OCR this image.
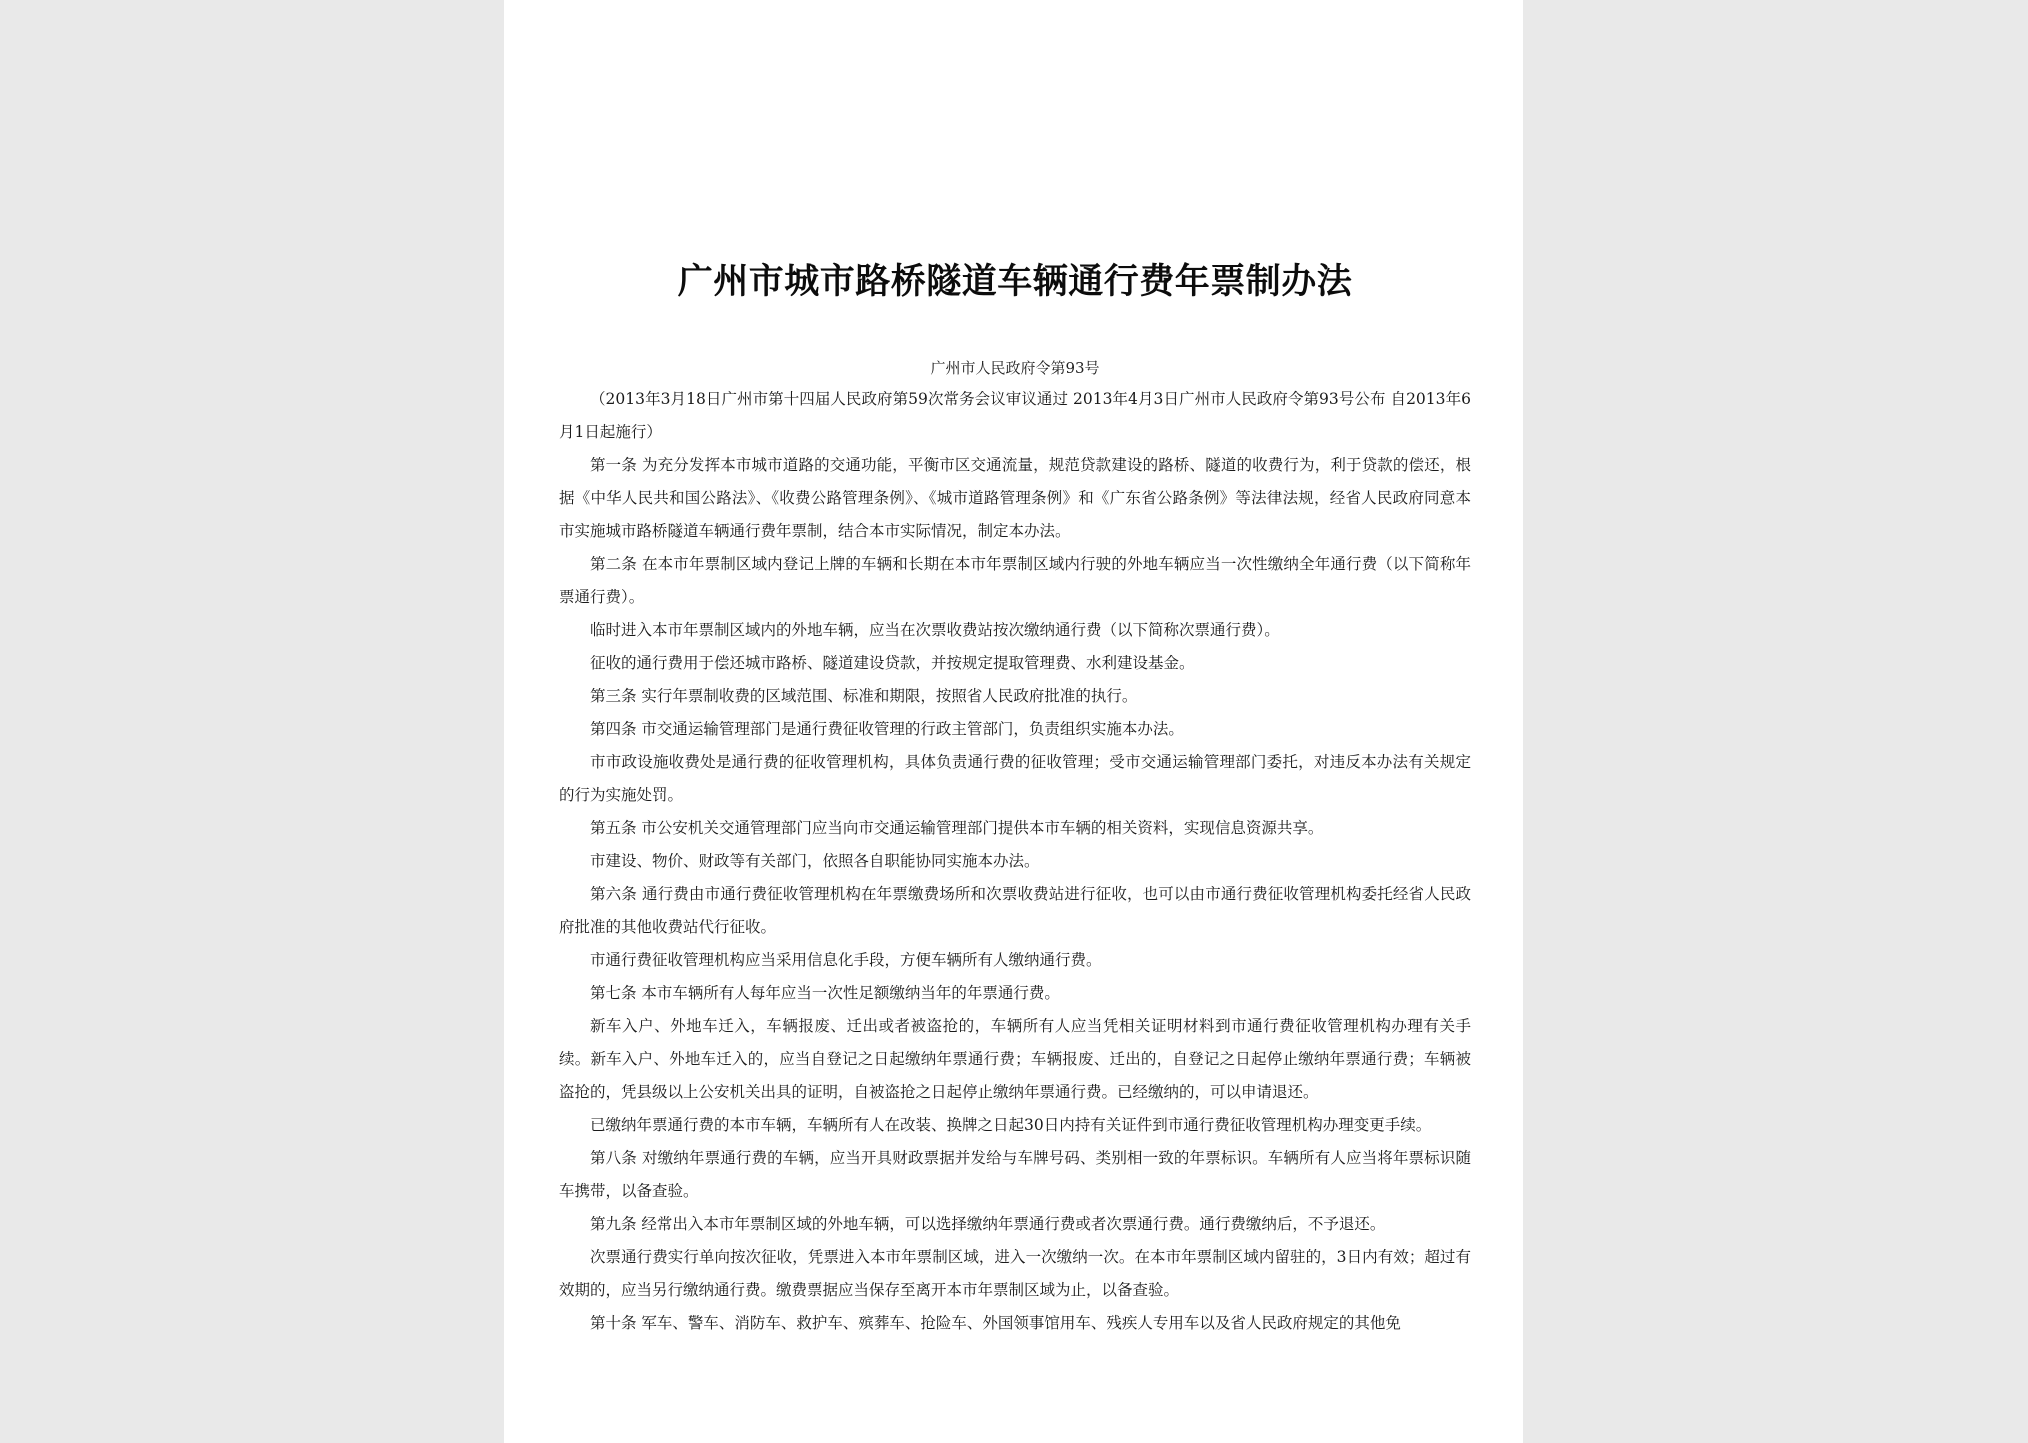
广州市城市路桥隧道车辆通行费年票制办法
广州市人民政府令第93号

（2013年3月18日广州市第十四届人民政府第59次常务会议审议通过 2013年4月3日广州市人民政府令第93号公布 自2013年6月1日起施行）

第一条 为充分发挥本市城市道路的交通功能，平衡市区交通流量，规范贷款建设的路桥、隧道的收费行为，利于贷款的偿还，根据《中华人民共和国公路法》、《收费公路管理条例》、《城市道路管理条例》和《广东省公路条例》等法律法规，经省人民政府同意本市实施城市路桥隧道车辆通行费年票制，结合本市实际情况，制定本办法。

第二条 在本市年票制区域内登记上牌的车辆和长期在本市年票制区域内行驶的外地车辆应当一次性缴纳全年通行费（以下简称年票通行费）。

临时进入本市年票制区域内的外地车辆，应当在次票收费站按次缴纳通行费（以下简称次票通行费）。

征收的通行费用于偿还城市路桥、隧道建设贷款，并按规定提取管理费、水利建设基金。

第三条 实行年票制收费的区域范围、标准和期限，按照省人民政府批准的执行。

第四条 市交通运输管理部门是通行费征收管理的行政主管部门，负责组织实施本办法。

市市政设施收费处是通行费的征收管理机构，具体负责通行费的征收管理；受市交通运输管理部门委托，对违反本办法有关规定的行为实施处罚。

第五条 市公安机关交通管理部门应当向市交通运输管理部门提供本市车辆的相关资料，实现信息资源共享。

市建设、物价、财政等有关部门，依照各自职能协同实施本办法。

第六条 通行费由市通行费征收管理机构在年票缴费场所和次票收费站进行征收，也可以由市通行费征收管理机构委托经省人民政府批准的其他收费站代行征收。

市通行费征收管理机构应当采用信息化手段，方便车辆所有人缴纳通行费。

第七条 本市车辆所有人每年应当一次性足额缴纳当年的年票通行费。

新车入户、外地车迁入，车辆报废、迁出或者被盗抢的，车辆所有人应当凭相关证明材料到市通行费征收管理机构办理有关手续。新车入户、外地车迁入的，应当自登记之日起缴纳年票通行费；车辆报废、迁出的，自登记之日起停止缴纳年票通行费；车辆被盗抢的，凭县级以上公安机关出具的证明，自被盗抢之日起停止缴纳年票通行费。已经缴纳的，可以申请退还。

已缴纳年票通行费的本市车辆，车辆所有人在改装、换牌之日起30日内持有关证件到市通行费征收管理机构办理变更手续。

第八条 对缴纳年票通行费的车辆，应当开具财政票据并发给与车牌号码、类别相一致的年票标识。车辆所有人应当将年票标识随车携带，以备查验。

第九条 经常出入本市年票制区域的外地车辆，可以选择缴纳年票通行费或者次票通行费。通行费缴纳后，不予退还。

次票通行费实行单向按次征收，凭票进入本市年票制区域，进入一次缴纳一次。在本市年票制区域内留驻的，3日内有效；超过有效期的，应当另行缴纳通行费。缴费票据应当保存至离开本市年票制区域为止，以备查验。

第十条 军车、警车、消防车、救护车、殡葬车、抢险车、外国领事馆用车、残疾人专用车以及省人民政府规定的其他免
